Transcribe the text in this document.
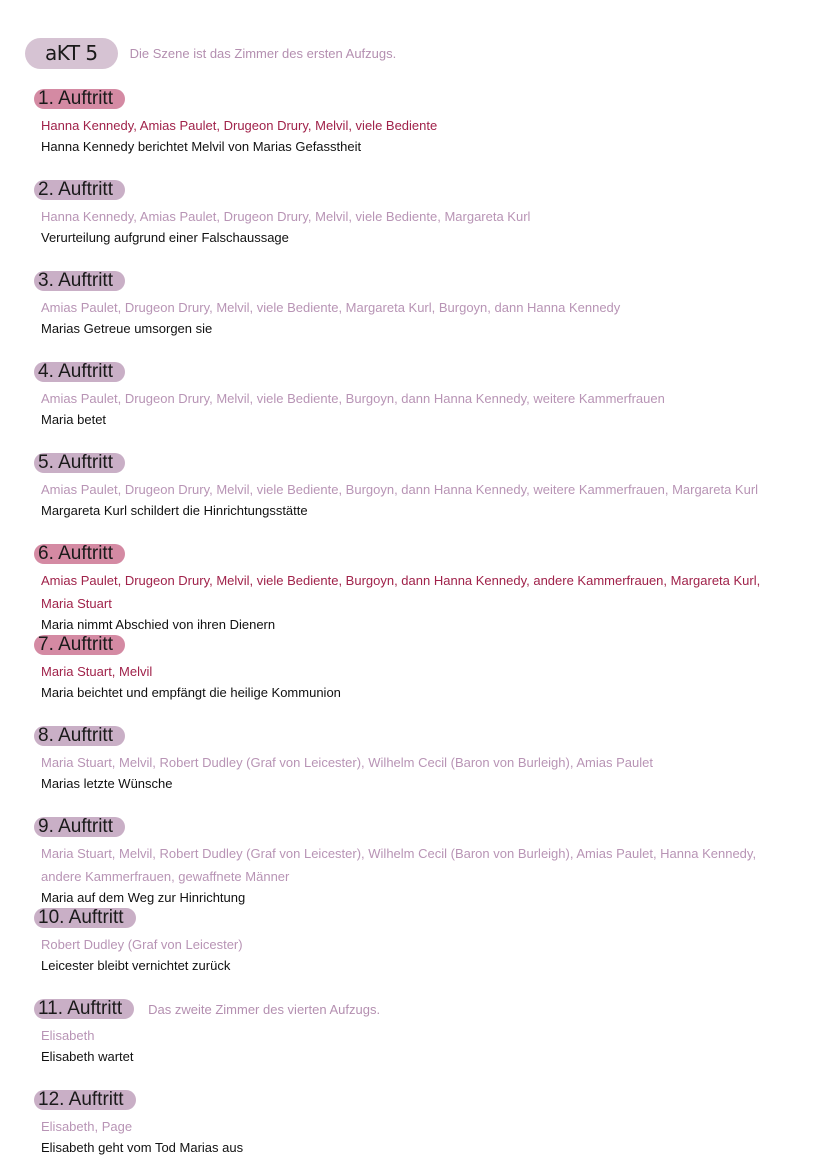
aKT 5	Die Szene ist das Zimmer des ersten Aufzugs.
1. Auftritt
Hanna Kennedy, Amias Paulet, Drugeon Drury, Melvil, viele Bediente
Hanna Kennedy berichtet Melvil von Marias Gefasstheit
2. Auftritt
Hanna Kennedy, Amias Paulet, Drugeon Drury, Melvil, viele Bediente, Margareta Kurl
Verurteilung aufgrund einer Falschaussage
3. Auftritt
Amias Paulet, Drugeon Drury, Melvil, viele Bediente, Margareta Kurl, Burgoyn, dann Hanna Kennedy
Marias Getreue umsorgen sie
4. Auftritt
Amias Paulet, Drugeon Drury, Melvil, viele Bediente, Burgoyn, dann Hanna Kennedy, weitere Kammerfrauen
Maria betet
5. Auftritt
Amias Paulet, Drugeon Drury, Melvil, viele Bediente, Burgoyn, dann Hanna Kennedy, weitere Kammerfrauen, Margareta Kurl
Margareta Kurl schildert die Hinrichtungsstätte
6. Auftritt
Amias Paulet, Drugeon Drury, Melvil, viele Bediente, Burgoyn, dann Hanna Kennedy, andere Kammerfrauen, Margareta Kurl, Maria Stuart
Maria nimmt Abschied von ihren Dienern
7. Auftritt
Maria Stuart, Melvil
Maria beichtet und empfängt die heilige Kommunion
8. Auftritt
Maria Stuart, Melvil, Robert Dudley (Graf von Leicester), Wilhelm Cecil (Baron von Burleigh), Amias Paulet
Marias letzte Wünsche
9. Auftritt
Maria Stuart, Melvil, Robert Dudley (Graf von Leicester), Wilhelm Cecil (Baron von Burleigh), Amias Paulet, Hanna Kennedy, andere Kammerfrauen, gewaffnete Männer
Maria auf dem Weg zur Hinrichtung
10. Auftritt
Robert Dudley (Graf von Leicester)
Leicester bleibt vernichtet zurück
11. Auftritt	Das zweite Zimmer des vierten Aufzugs.
Elisabeth
Elisabeth wartet
12. Auftritt
Elisabeth, Page
Elisabeth geht vom Tod Marias aus
